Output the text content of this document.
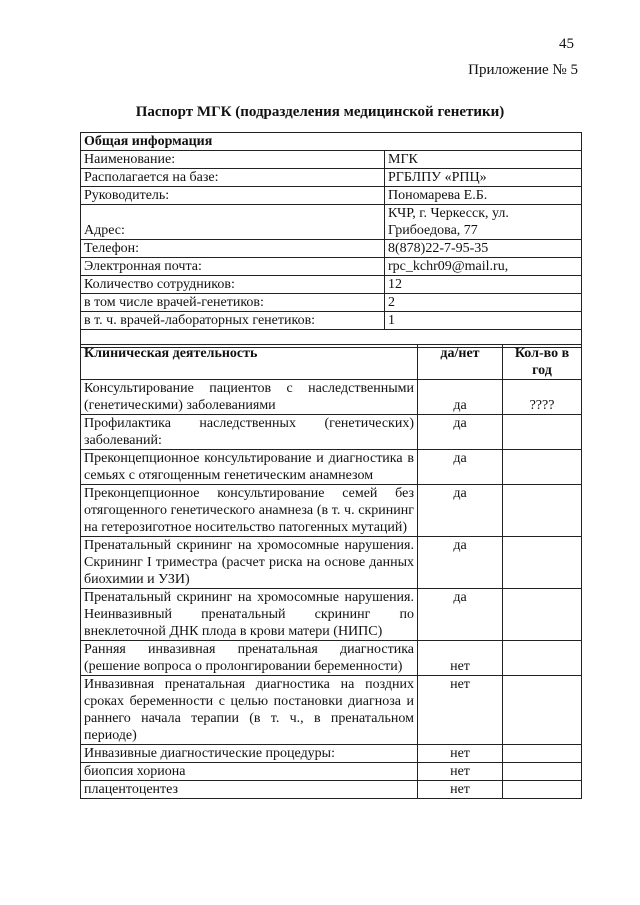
45
Приложение № 5
Паспорт МГК (подразделения медицинской генетики)
Общая информация	
Наименование:	МГК
Располагается на базе:	РГБЛПУ «РПЦ»
Руководитель:	Пономарева Е.Б.
Адрес:	КЧР, г. Черкесск, ул. Грибоедова, 77
Телефон:	8(878)22-7-95-35
Электронная почта:	rpc_kchr09@mail.ru,
Количество сотрудников:	12
в том числе врачей-генетиков:	2
в т. ч. врачей-лабораторных генетиков:	1

Клиническая деятельность	да/нет	Кол-во в год
Консультирование пациентов с наследственными (генетическими) заболеваниями	да	????
Профилактика наследственных (генетических) заболеваний:	да	
Преконцепционное консультирование и диагностика в семьях с отягощенным генетическим анамнезом	да	
Преконцепционное консультирование семей без отягощенного генетического анамнеза (в т. ч. скрининг на гетерозиготное носительство патогенных мутаций)	да	
Пренатальный скрининг на хромосомные нарушения. Скрининг I триместра (расчет риска на основе данных биохимии и УЗИ)	да	
Пренатальный скрининг на хромосомные нарушения. Неинвазивный пренатальный скрининг по внеклеточной ДНК плода в крови матери (НИПС)	да	
Ранняя инвазивная пренатальная диагностика (решение вопроса о пролонгировании беременности)	нет	
Инвазивная пренатальная диагностика на поздних сроках беременности с целью постановки диагноза и раннего начала терапии (в т. ч., в пренатальном периоде)	нет	
Инвазивные диагностические процедуры:	нет	
биопсия хориона	нет	
плацентоцентез	нет	
